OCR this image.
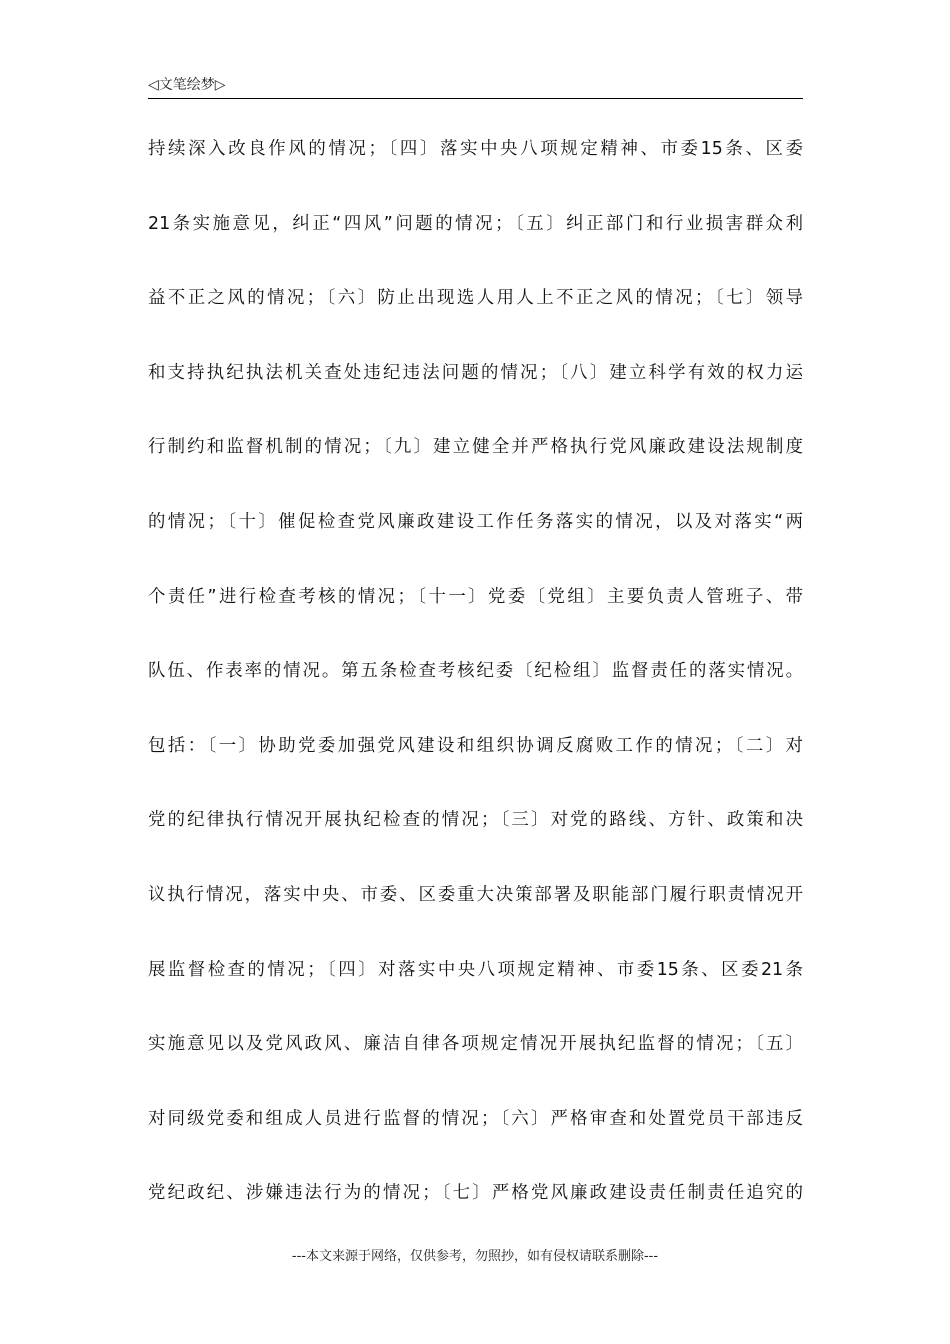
◁文笔绘梦▷
持续深入改良作风的情况；〔四〕落实中央八项规定精神、市委15条、区委
21条实施意见，纠正“四风”问题的情况；〔五〕纠正部门和行业损害群众利
益不正之风的情况；〔六〕防止出现选人用人上不正之风的情况；〔七〕领导
和支持执纪执法机关查处违纪违法问题的情况；〔八〕建立科学有效的权力运
行制约和监督机制的情况；〔九〕建立健全并严格执行党风廉政建设法规制度
的情况；〔十〕催促检查党风廉政建设工作任务落实的情况，以及对落实“两
个责任”进行检查考核的情况；〔十一〕党委〔党组〕主要负责人管班子、带
队伍、作表率的情况。第五条检查考核纪委〔纪检组〕监督责任的落实情况。
包括：〔一〕协助党委加强党风建设和组织协调反腐败工作的情况；〔二〕对
党的纪律执行情况开展执纪检查的情况；〔三〕对党的路线、方针、政策和决
议执行情况，落实中央、市委、区委重大决策部署及职能部门履行职责情况开
展监督检查的情况；〔四〕对落实中央八项规定精神、市委15条、区委21条
实施意见以及党风政风、廉洁自律各项规定情况开展执纪监督的情况；〔五〕
对同级党委和组成人员进行监督的情况；〔六〕严格审查和处置党员干部违反
党纪政纪、涉嫌违法行为的情况；〔七〕严格党风廉政建设责任制责任追究的
---本文来源于网络，仅供参考，勿照抄，如有侵权请联系删除---
